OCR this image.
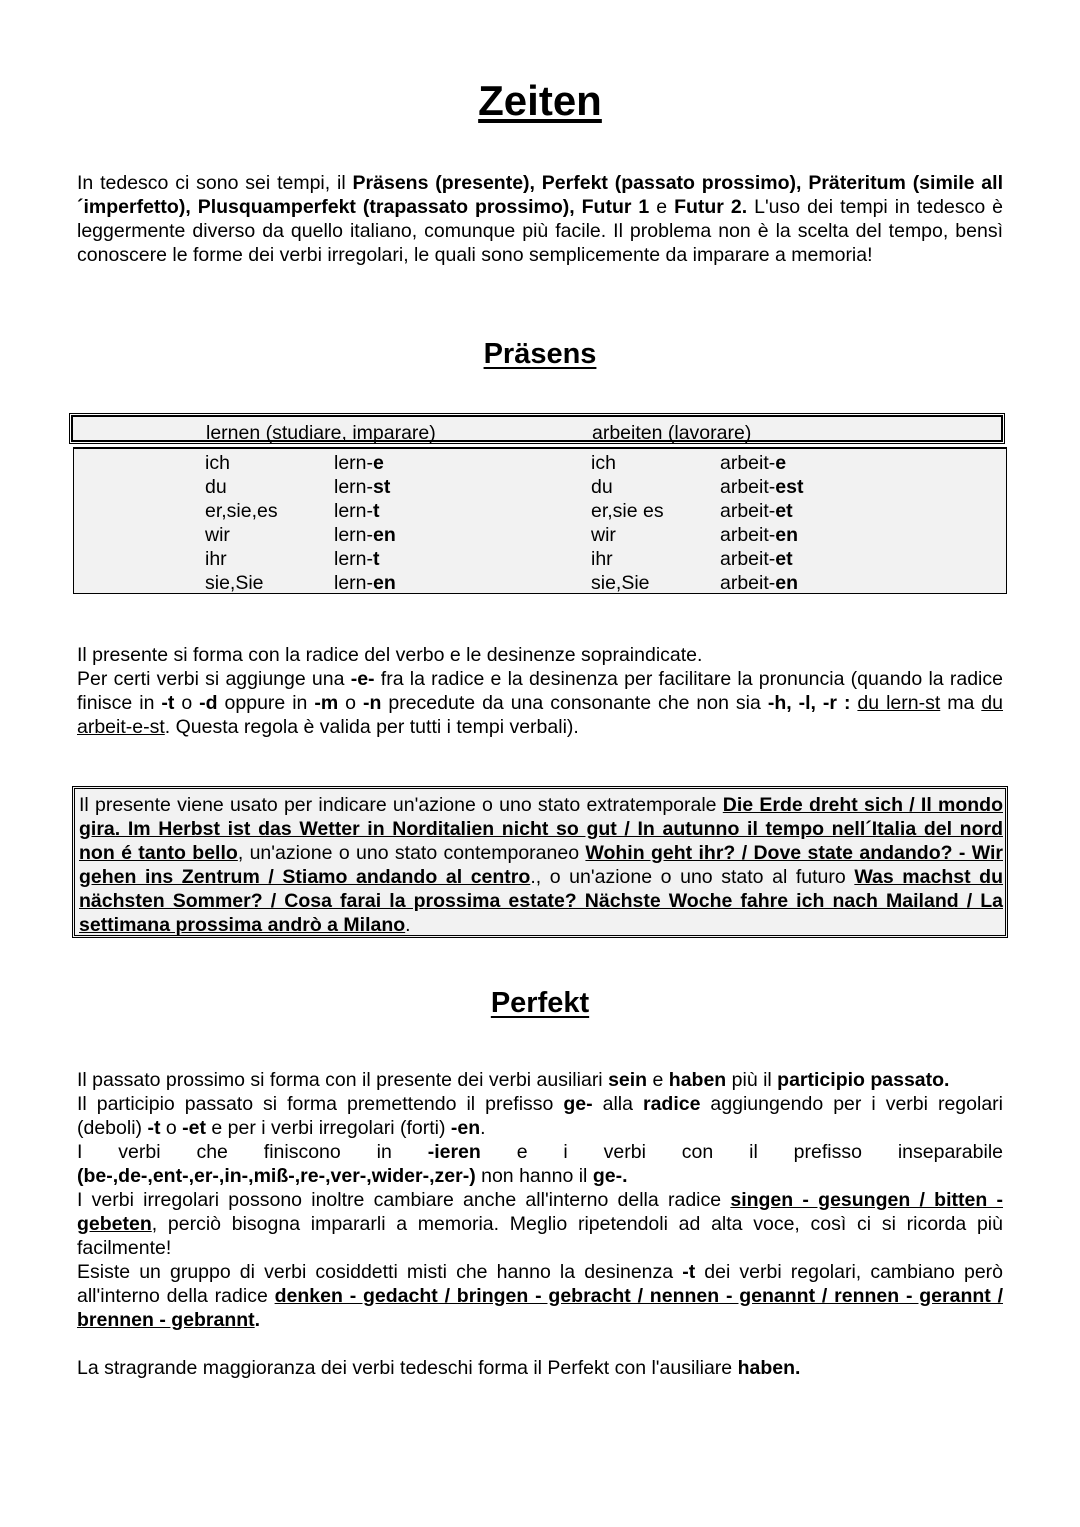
Zeiten
In tedesco ci sono sei tempi, il Präsens (presente), Perfekt (passato prossimo), Präteritum (simile all´imperfetto), Plusquamperfekt (trapassato prossimo), Futur 1 e Futur 2. L'uso dei tempi in tedesco è leggermente diverso da quello italiano, comunque più facile. Il problema non è la scelta del tempo, bensì conoscere le forme dei verbi irregolari, le quali sono semplicemente da imparare a memoria!
Präsens
lernen (studiare, imparare)	arbeiten (lavorare)
ich
du
er,sie,es
wir
ihr
sie,Sie
lern-e
lern-st
lern-t
lern-en
lern-t
lern-en
ich
du
er,sie es
wir
ihr
sie,Sie
arbeit-e
arbeit-est
arbeit-et
arbeit-en
arbeit-et
arbeit-en

Il presente si forma con la radice del verbo e le desinenze sopraindicate.

Per certi verbi si aggiunge una -e- fra la radice e la desinenza per facilitare la pronuncia (quando la radice finisce in -t o -d oppure in -m o -n precedute da una consonante che non sia -h, -l, -r : du lern-st ma du arbeit-e-st. Questa regola è valida per tutti i tempi verbali).

Il presente viene usato per indicare un'azione o uno stato extratemporale Die Erde dreht sich / Il mondo gira. Im Herbst ist das Wetter in Norditalien nicht so gut / In autunno il tempo nell´Italia del nord non é tanto bello, un'azione o uno stato contemporaneo Wohin geht ihr? / Dove state andando? - Wir gehen ins Zentrum / Stiamo andando al centro., o un'azione o uno stato al futuro Was machst du nächsten Sommer? / Cosa farai la prossima estate? Nächste Woche fahre ich nach Mailand / La settimana prossima andrò a Milano.
Perfekt

Il passato prossimo si forma con il presente dei verbi ausiliari sein e haben più il participio passato.

Il participio passato si forma premettendo il prefisso ge- alla radice aggiungendo per i verbi regolari (deboli) -t o -et e per i verbi irregolari (forti) -en.

I verbi che finiscono in -ieren e i verbi con il prefisso inseparabile (be-,de-,ent-,er-,in-,miß-,re-,ver-,wider-,zer-) non hanno il ge-.

I verbi irregolari possono inoltre cambiare anche all'interno della radice singen - gesungen / bitten - gebeten, perciò bisogna impararli a memoria. Meglio ripetendoli ad alta voce, così ci si ricorda più facilmente!

Esiste un gruppo di verbi cosiddetti misti che hanno la desinenza -t dei verbi regolari, cambiano però all'interno della radice denken - gedacht / bringen - gebracht / nennen - genannt / rennen - gerannt / brennen - gebrannt.

La stragrande maggioranza dei verbi tedeschi forma il Perfekt con l'ausiliare haben.
